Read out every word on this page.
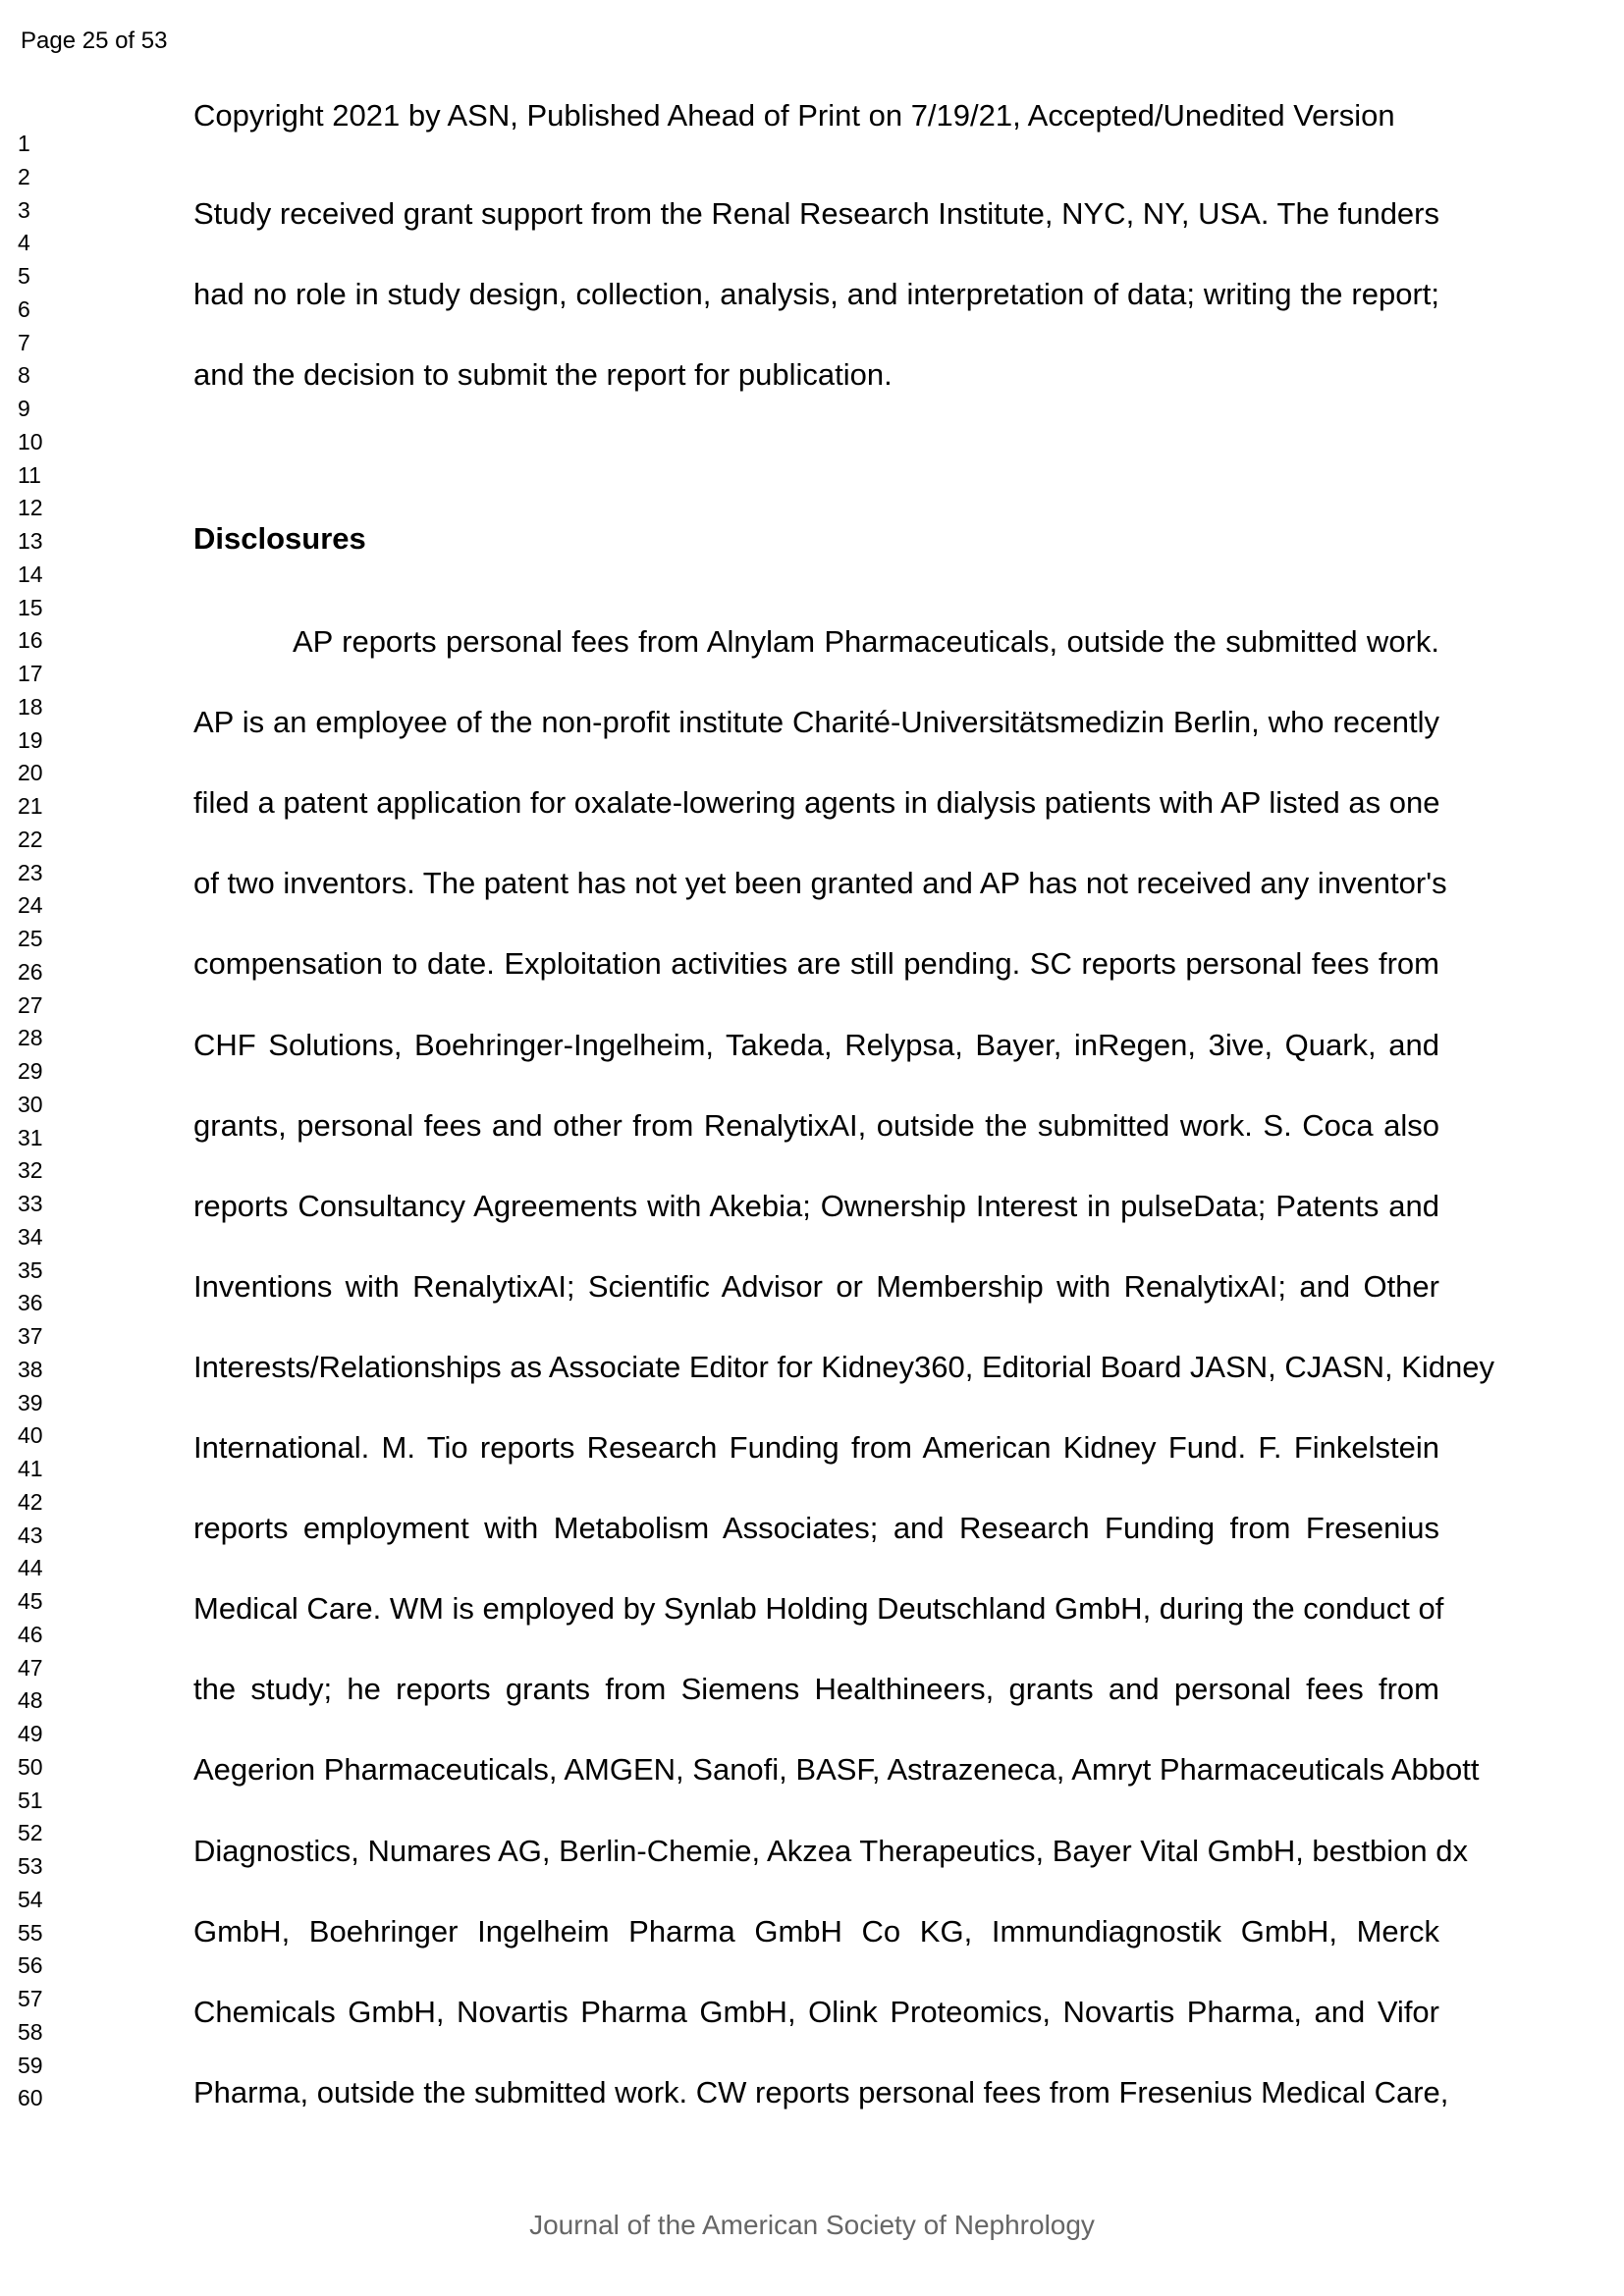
Page 25 of 53
Copyright 2021 by ASN, Published Ahead of Print on 7/19/21, Accepted/Unedited Version
1
2
3
4
5
6
7
8
9
10
11
12
13
14
15
16
17
18
19
20
21
22
23
24
25
26
27
28
29
30
31
32
33
34
35
36
37
38
39
40
41
42
43
44
45
46
47
48
49
50
51
52
53
54
55
56
57
58
59
60
Study received grant support from the Renal Research Institute, NYC, NY, USA. The funders
had no role in study design, collection, analysis, and interpretation of data; writing the report;
and the decision to submit the report for publication.
Disclosures
AP reports personal fees from Alnylam Pharmaceuticals, outside the submitted work.
AP is an employee of the non-profit institute Charité-Universitätsmedizin Berlin, who recently
filed a patent application for oxalate-lowering agents in dialysis patients with AP listed as one
of two inventors. The patent has not yet been granted and AP has not received any inventor's
compensation to date. Exploitation activities are still pending. SC reports personal fees from
CHF Solutions, Boehringer-Ingelheim, Takeda, Relypsa, Bayer, inRegen, 3ive, Quark, and
grants, personal fees and other from RenalytixAI, outside the submitted work. S. Coca also
reports Consultancy Agreements with Akebia; Ownership Interest in pulseData; Patents and
Inventions with RenalytixAI; Scientific Advisor or Membership with RenalytixAI; and Other
Interests/Relationships as Associate Editor for Kidney360, Editorial Board JASN, CJASN, Kidney
International. M. Tio reports Research Funding from American Kidney Fund. F. Finkelstein
reports employment with Metabolism Associates; and Research Funding from Fresenius
Medical Care. WM is employed by Synlab Holding Deutschland GmbH, during the conduct of
the study; he reports grants from Siemens Healthineers, grants and personal fees from
Aegerion Pharmaceuticals, AMGEN, Sanofi, BASF, Astrazeneca, Amryt Pharmaceuticals Abbott
Diagnostics, Numares AG, Berlin-Chemie, Akzea Therapeutics, Bayer Vital GmbH, bestbion dx
GmbH, Boehringer Ingelheim Pharma GmbH Co KG, Immundiagnostik GmbH, Merck
Chemicals GmbH, Novartis Pharma GmbH, Olink Proteomics, Novartis Pharma, and Vifor
Pharma, outside the submitted work. CW reports personal fees from Fresenius Medical Care,
Journal of the American Society of Nephrology
